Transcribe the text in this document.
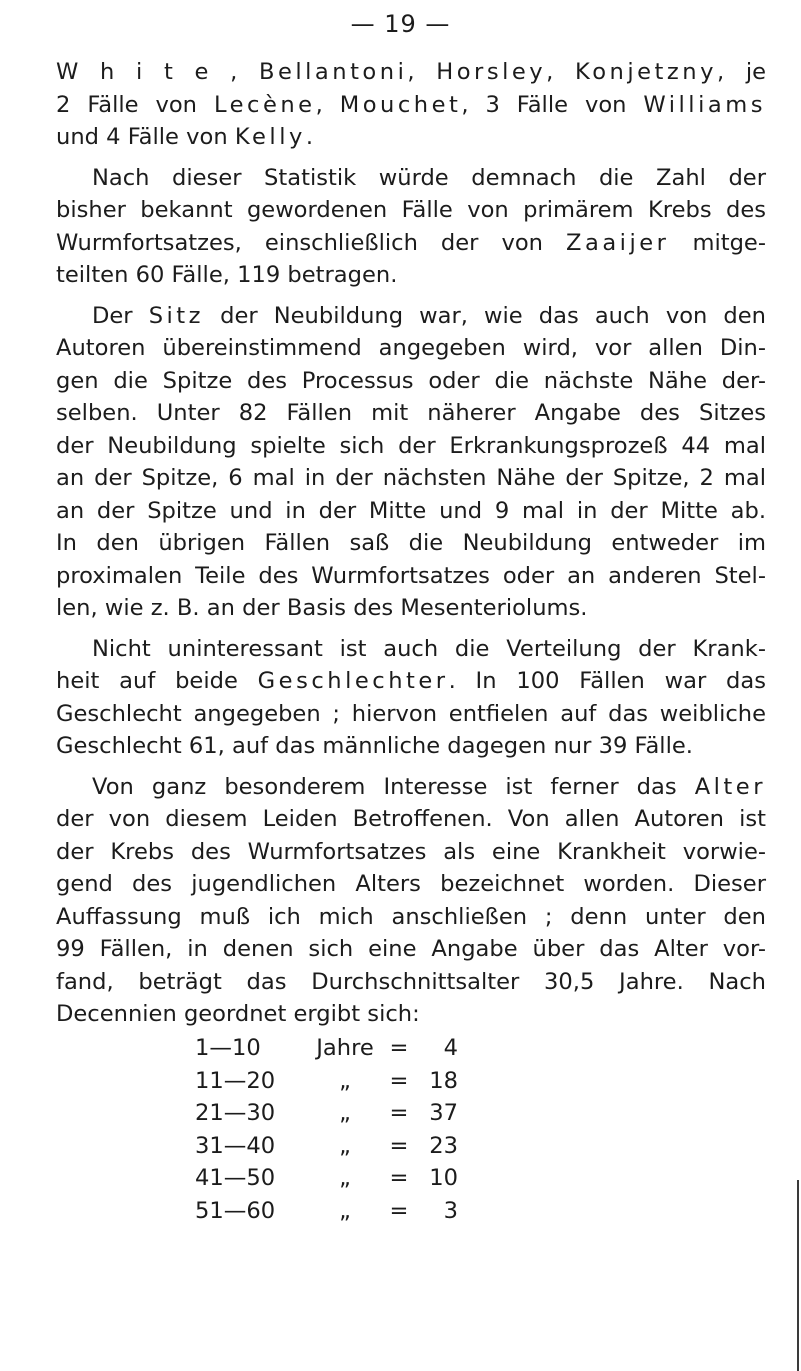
— 19 —
W h i t e , Bellantoni, Horsley, Konjetzny, je
2 Fälle von Lecène, Mouchet, 3 Fälle von Williams
und 4 Fälle von Kelly.
Nach dieser Statistik würde demnach die Zahl der
bisher bekannt gewordenen Fälle von primärem Krebs des
Wurmfortsatzes, einschließlich der von Zaaijer mitge-
teilten 60 Fälle, 119 betragen.
Der Sitz der Neubildung war, wie das auch von den
Autoren übereinstimmend angegeben wird, vor allen Din-
gen die Spitze des Processus oder die nächste Nähe der-
selben. Unter 82 Fällen mit näherer Angabe des Sitzes
der Neubildung spielte sich der Erkrankungsprozeß 44 mal
an der Spitze, 6 mal in der nächsten Nähe der Spitze, 2 mal
an der Spitze und in der Mitte und 9 mal in der Mitte ab.
In den übrigen Fällen saß die Neubildung entweder im
proximalen Teile des Wurmfortsatzes oder an anderen Stel-
len, wie z. B. an der Basis des Mesenteriolums.
Nicht uninteressant ist auch die Verteilung der Krank-
heit auf beide Geschlechter. In 100 Fällen war das
Geschlecht angegeben ; hiervon entfielen auf das weibliche
Geschlecht 61, auf das männliche dagegen nur 39 Fälle.
Von ganz besonderem Interesse ist ferner das Alter
der von diesem Leiden Betroffenen. Von allen Autoren ist
der Krebs des Wurmfortsatzes als eine Krankheit vorwie-
gend des jugendlichen Alters bezeichnet worden. Dieser
Auffassung muß ich mich anschließen ; denn unter den
99 Fällen, in denen sich eine Angabe über das Alter vor-
fand, beträgt das Durchschnittsalter 30,5 Jahre. Nach
Decennien geordnet ergibt sich:
1—10	Jahre	=	4
11—20	„	=	18
21—30	„	=	37
31—40	„	=	23
41—50	„	=	10
51—60	„	=	3
